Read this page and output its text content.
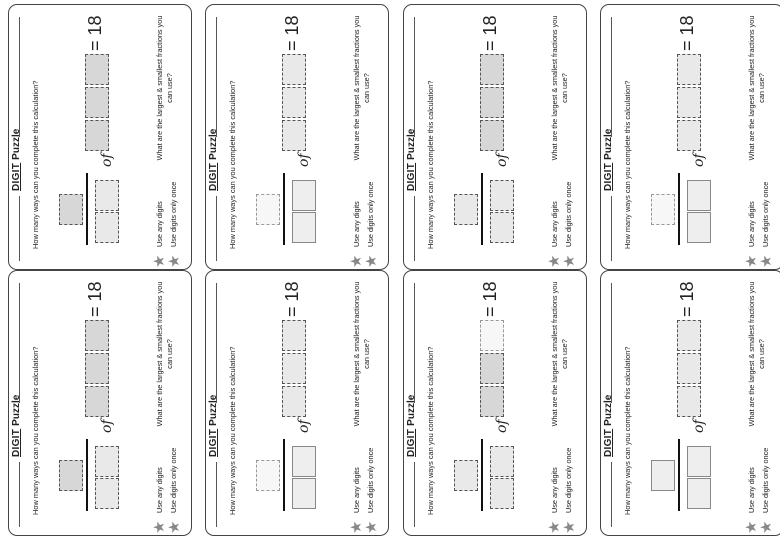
DIGITPuzzle How many ways can you complete this calculation?	of
= 18	What are the largest & smallest fractions you can use?
Use any digits Use digits only once
★
★
DIGITPuzzle How many ways can you complete this calculation?	of
= 18	What are the largest & smallest fractions you can use?
Use any digits Use digits only once
★
★
DIGITPuzzle How many ways can you complete this calculation?	of
= 18	What are the largest & smallest fractions you can use?
Use any digits Use digits only once
★
★
DIGITPuzzle How many ways can you complete this calculation?	of
= 18	What are the largest & smallest fractions you can use?
Use any digits Use digits only once
★
★
DIGITPuzzle How many ways can you complete this calculation?	of
= 18	What are the largest & smallest fractions you can use?
Use any digits Use digits only once
★
★
DIGITPuzzle How many ways can you complete this calculation?	of
= 18	What are the largest & smallest fractions you can use?
Use any digits Use digits only once
★
★
DIGITPuzzle How many ways can you complete this calculation?	of
= 18	What are the largest & smallest fractions you can use?
Use any digits Use digits only once
★
★
DIGITPuzzle How many ways can you complete this calculation?	of
= 18	What are the largest & smallest fractions you can use?
Use any digits Use digits only once
★
★
